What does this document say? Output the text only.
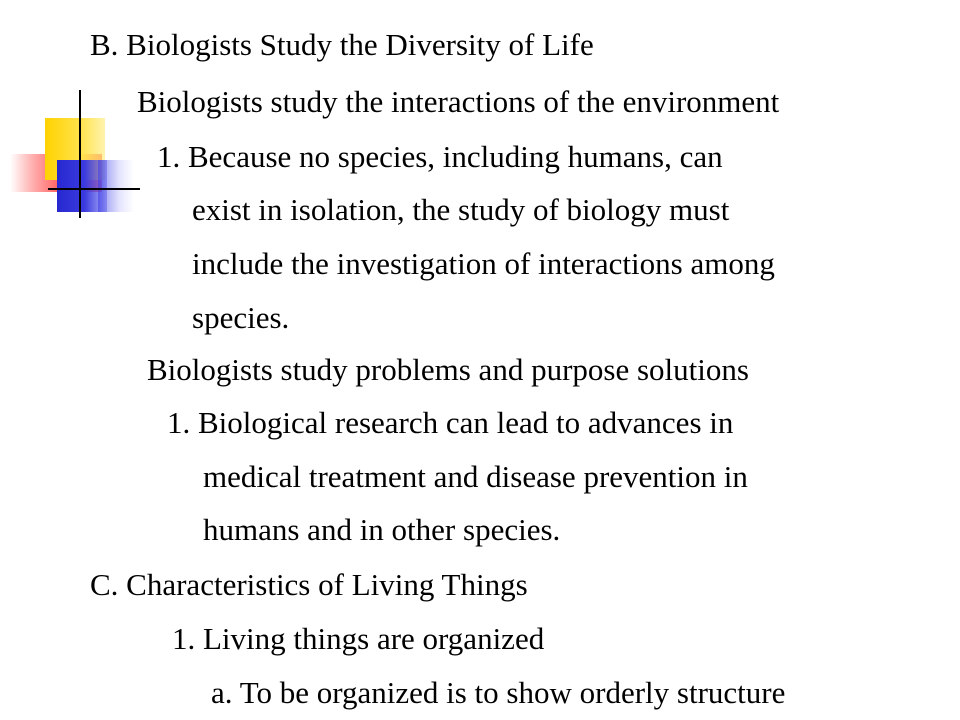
B. Biologists Study the Diversity of Life
Biologists study the interactions of the environment
1. Because no species, including humans, can
exist in isolation, the study of biology must
include the investigation of interactions among
species.
Biologists study problems and purpose solutions
1. Biological research can lead to advances in
medical treatment and disease prevention in
humans and in other species.
C. Characteristics of Living Things
1. Living things are organized
a. To be organized is to show orderly structure
